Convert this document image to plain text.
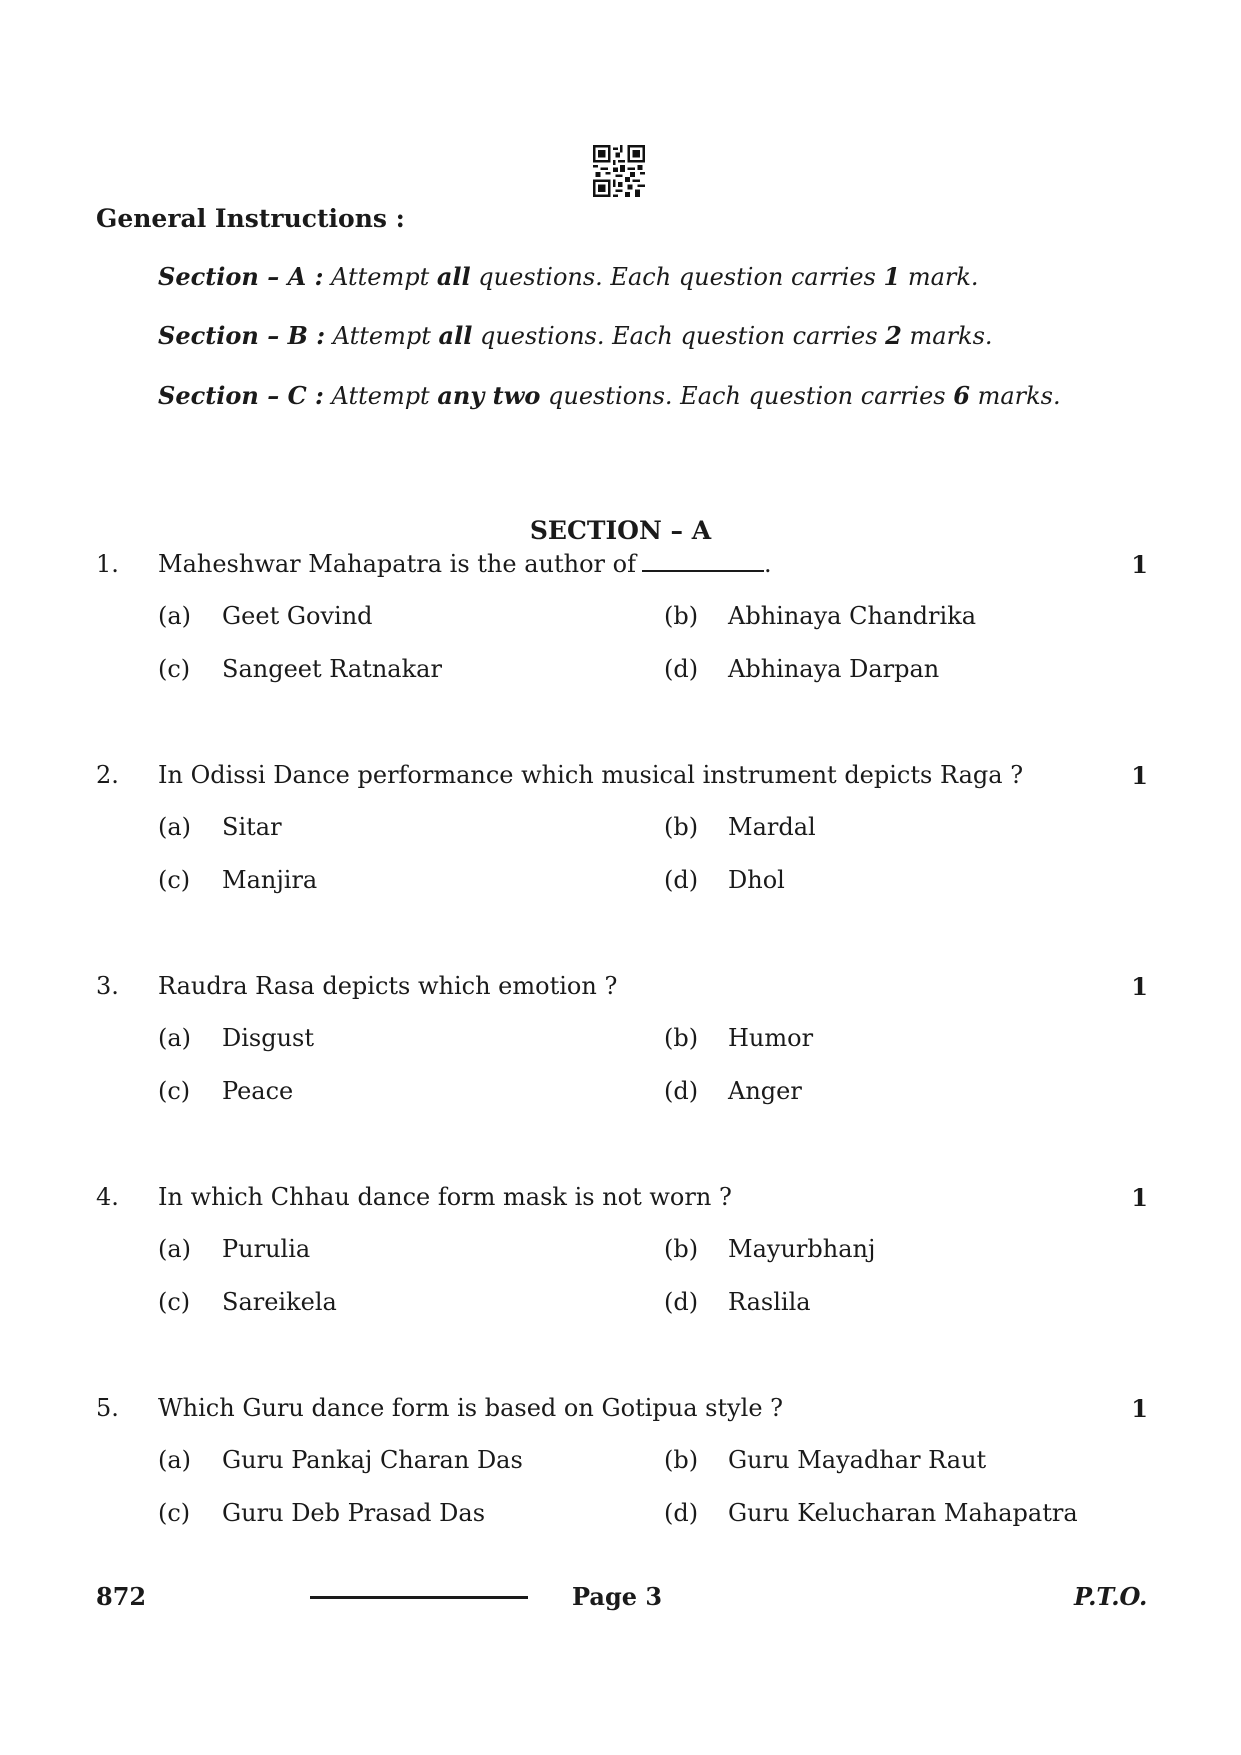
General Instructions :
Section – A : Attempt all questions. Each question carries 1 mark.
Section – B : Attempt all questions. Each question carries 2 marks.
Section – C : Attempt any two questions. Each question carries 6 marks.
SECTION – A
1. Maheshwar Mahapatra is the author of	.	1
(a) Geet Govind	(b) Abhinaya Chandrika
(c) Sangeet Ratnakar	(d) Abhinaya Darpan
2. In Odissi Dance performance which musical instrument depicts Raga ?	1
(a) Sitar	(b) Mardal
(c) Manjira	(d) Dhol
3. Raudra Rasa depicts which emotion ?	1
(a) Disgust	(b) Humor
(c) Peace	(d) Anger
4. In which Chhau dance form mask is not worn ?	1
(a) Purulia	(b) Mayurbhanj
(c) Sareikela	(d) Raslila
5. Which Guru dance form is based on Gotipua style ?	1
(a) Guru Pankaj Charan Das	(b) Guru Mayadhar Raut
(c) Guru Deb Prasad Das	(d) Guru Kelucharan Mahapatra
872	Page 3	P.T.O.
